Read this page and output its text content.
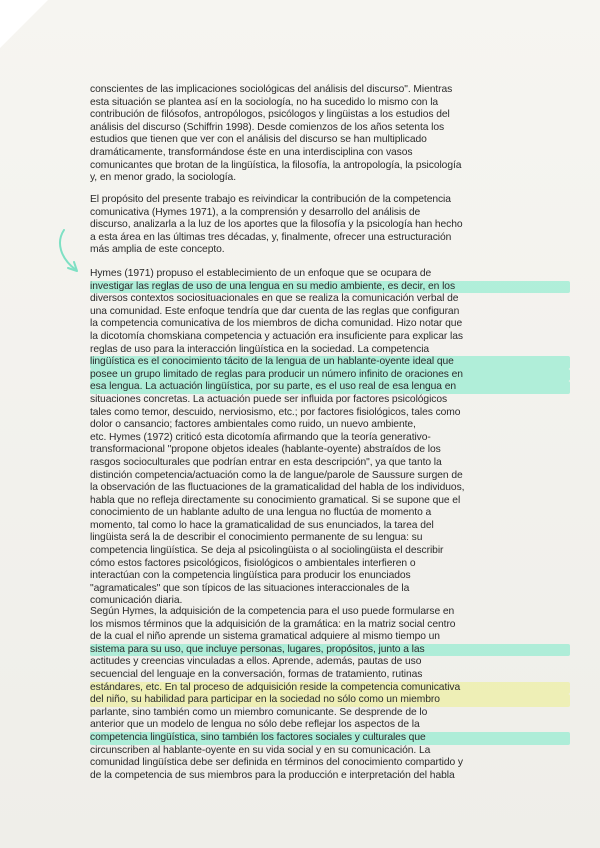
conscientes de las implicaciones sociológicas del análisis del discurso". Mientras
esta situación se plantea así en la sociología, no ha sucedido lo mismo con la
contribución de filósofos, antropólogos, psicólogos y lingüistas a los estudios del
análisis del discurso (Schiffrin 1998). Desde comienzos de los años setenta los
estudios que tienen que ver con el análisis del discurso se han multiplicado
dramáticamente, transformándose éste en una interdisciplina con vasos
comunicantes que brotan de la lingüística, la filosofía, la antropología, la psicología
y, en menor grado, la sociología.
El propósito del presente trabajo es reivindicar la contribución de la competencia
comunicativa (Hymes 1971), a la comprensión y desarrollo del análisis de
discurso, analizarla a la luz de los aportes que la filosofía y la psicología han hecho
a esta área en las últimas tres décadas, y, finalmente, ofrecer una estructuración
más amplia de este concepto.
Hymes (1971) propuso el establecimiento de un enfoque que se ocupara de
investigar las reglas de uso de una lengua en su medio ambiente, es decir, en los
diversos contextos sociosituacionales en que se realiza la comunicación verbal de
una comunidad. Este enfoque tendría que dar cuenta de las reglas que configuran
la competencia comunicativa de los miembros de dicha comunidad. Hizo notar que
la dicotomía chomskiana competencia y actuación era insuficiente para explicar las
reglas de uso para la interacción lingüística en la sociedad. La competencia
lingüística es el conocimiento tácito de la lengua de un hablante-oyente ideal que
posee un grupo limitado de reglas para producir un número infinito de oraciones en
esa lengua. La actuación lingüística, por su parte, es el uso real de esa lengua en
situaciones concretas. La actuación puede ser influida por factores psicológicos
tales como temor, descuido, nerviosismo, etc.; por factores fisiológicos, tales como
dolor o cansancio; factores ambientales como ruido, un nuevo ambiente,
etc. Hymes (1972) criticó esta dicotomía afirmando que la teoría generativo-
transformacional "propone objetos ideales (hablante-oyente) abstraídos de los
rasgos socioculturales que podrían entrar en esta descripción", ya que tanto la
distinción competencia/actuación como la de langue/parole de Saussure surgen de
la observación de las fluctuaciones de la gramaticalidad del habla de los individuos,
habla que no refleja directamente su conocimiento gramatical. Si se supone que el
conocimiento de un hablante adulto de una lengua no fluctúa de momento a
momento, tal como lo hace la gramaticalidad de sus enunciados, la tarea del
lingüista será la de describir el conocimiento permanente de su lengua: su
competencia lingüística. Se deja al psicolingüista o al sociolingüista el describir
cómo estos factores psicológicos, fisiológicos o ambientales interfieren o
interactúan con la competencia lingüística para producir los enunciados
"agramaticales" que son típicos de las situaciones interaccionales de la
comunicación diaria.
Según Hymes, la adquisición de la competencia para el uso puede formularse en
los mismos términos que la adquisición de la gramática: en la matriz social centro
de la cual el niño aprende un sistema gramatical adquiere al mismo tiempo un
sistema para su uso, que incluye personas, lugares, propósitos, junto a las
actitudes y creencias vinculadas a ellos. Aprende, además, pautas de uso
secuencial del lenguaje en la conversación, formas de tratamiento, rutinas
estándares, etc. En tal proceso de adquisición reside la competencia comunicativa
del niño, su habilidad para participar en la sociedad no sólo como un miembro
parlante, sino también como un miembro comunicante. Se desprende de lo
anterior que un modelo de lengua no sólo debe reflejar los aspectos de la
competencia lingüística, sino también los factores sociales y culturales que
circunscriben al hablante-oyente en su vida social y en su comunicación. La
comunidad lingüística debe ser definida en términos del conocimiento compartido y
de la competencia de sus miembros para la producción e interpretación del habla
